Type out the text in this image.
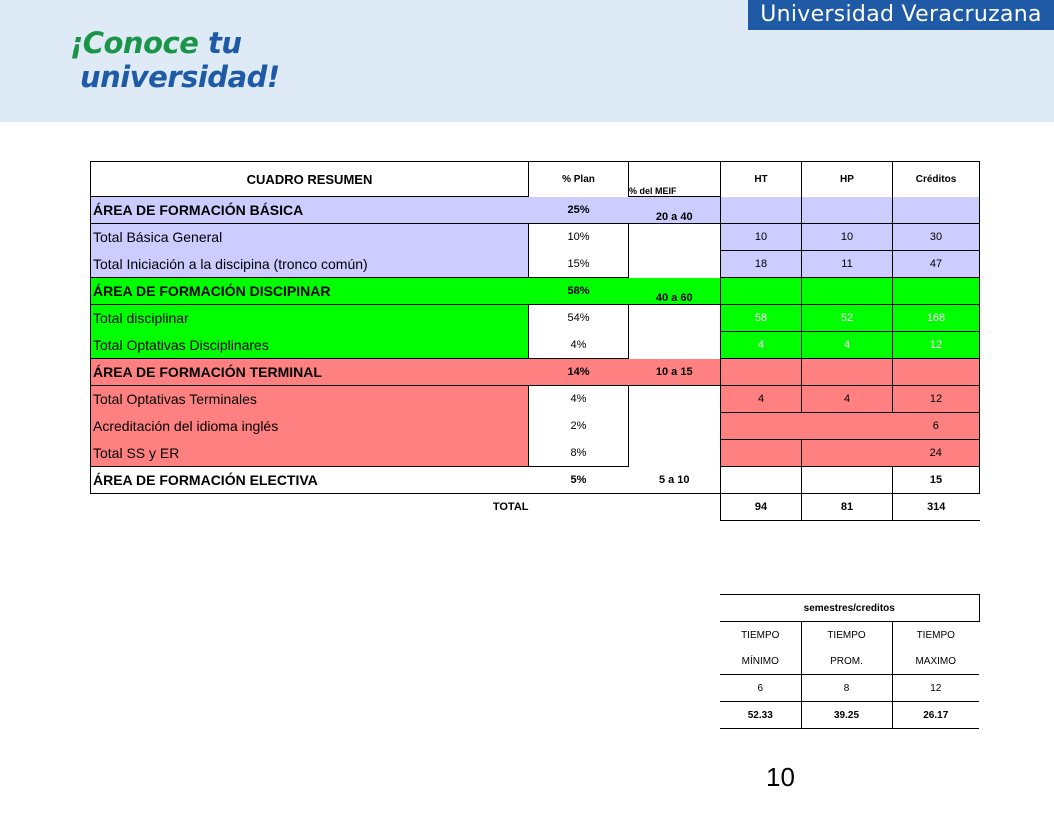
¡Conoce tu
universidad!
Universidad Veracruzana
CUADRO RESUMEN	% Plan	% del MEIF	HT	HP	Créditos
ÁREA DE FORMACIÓN BÁSICA	25%	20 a 40			
Total Básica General	10%		10	10	30
Total Iniciación a la discipina (tronco común)	15%		18	11	47
ÁREA DE FORMACIÓN DISCIPINAR	58%	40 a 60			
Total disciplinar	54%		58	52	168
Total Optativas Disciplinares	4%		4	4	12
ÁREA DE FORMACIÓN TERMINAL	14%	10 a 15			
Total Optativas Terminales	4%		4	4	12
Acreditación del idioma inglés	2%				6
Total SS y ER	8%				24
ÁREA DE FORMACIÓN ELECTIVA	5%	5 a 10			15
TOTAL			94	81	314
semestres/creditos		
TIEMPO	TIEMPO	TIEMPO
MÍNIMO	PROM.	MAXIMO
6	8	12
52.33	39.25	26.17
10
